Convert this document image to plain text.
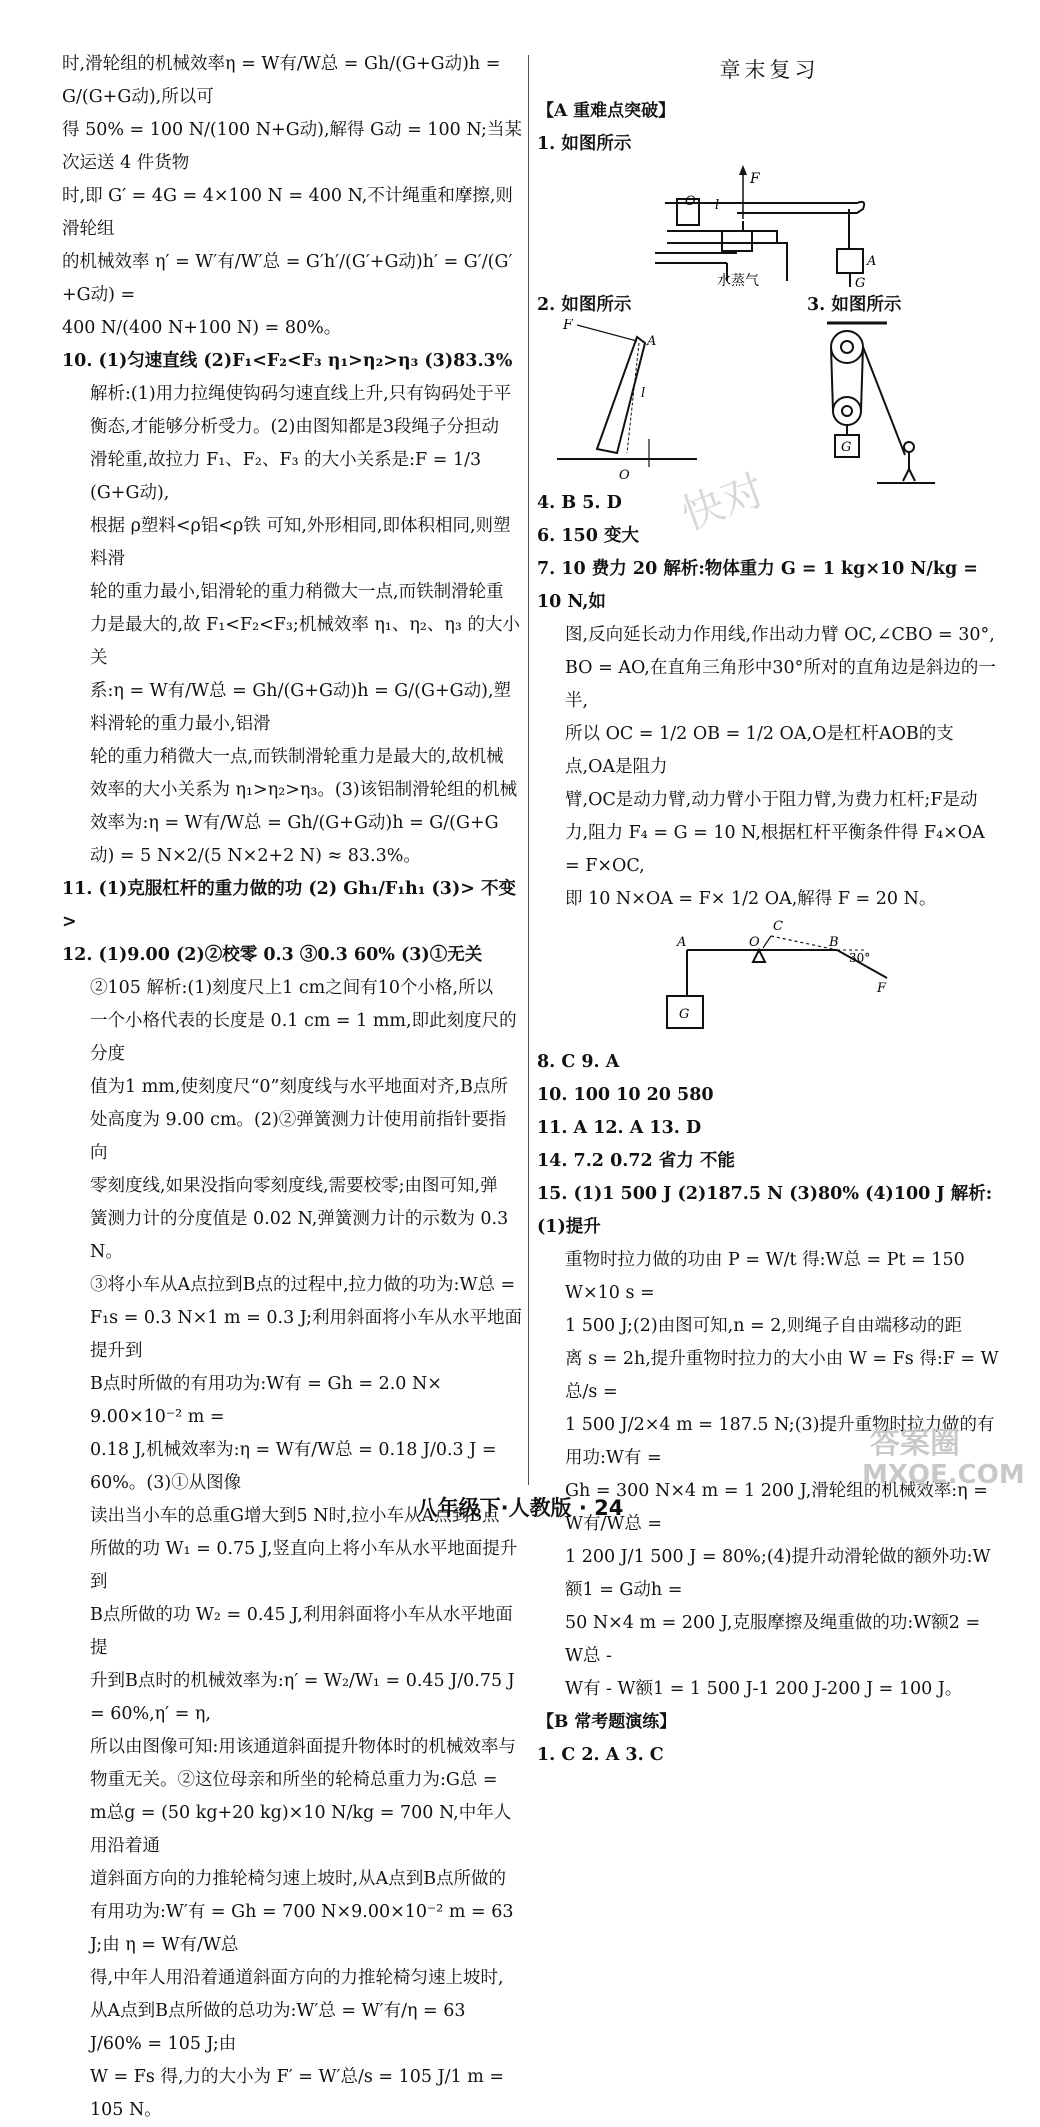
时,滑轮组的机械效率η = W有/W总 = Gh/(G+G动)h = G/(G+G动),所以可

得 50% = 100 N/(100 N+G动),解得 G动 = 100 N;当某次运送 4 件货物

时,即 G′ = 4G = 4×100 N = 400 N,不计绳重和摩擦,则滑轮组

的机械效率 η′ = W′有/W′总 = G′h′/(G′+G动)h′ = G′/(G′+G动) =

400 N/(400 N+100 N) = 80%。

10. (1)匀速直线 (2)F₁<F₂<F₃ η₁>η₂>η₃ (3)83.3%

解析:(1)用力拉绳使钩码匀速直线上升,只有钩码处于平

衡态,才能够分析受力。(2)由图知都是3段绳子分担动

滑轮重,故拉力 F₁、F₂、F₃ 的大小关系是:F = 1/3 (G+G动),

根据 ρ塑料<ρ铝<ρ铁 可知,外形相同,即体积相同,则塑料滑

轮的重力最小,铝滑轮的重力稍微大一点,而铁制滑轮重

力是最大的,故 F₁<F₂<F₃;机械效率 η₁、η₂、η₃ 的大小关

系:η = W有/W总 = Gh/(G+G动)h = G/(G+G动),塑料滑轮的重力最小,铝滑

轮的重力稍微大一点,而铁制滑轮重力是最大的,故机械

效率的大小关系为 η₁>η₂>η₃。(3)该铝制滑轮组的机械

效率为:η = W有/W总 = Gh/(G+G动)h = G/(G+G动) = 5 N×2/(5 N×2+2 N) ≈ 83.3%。

11. (1)克服杠杆的重力做的功 (2) Gh₁/F₁h₁ (3)> 不变 >

12. (1)9.00 (2)②校零 0.3 ③0.3 60% (3)①无关

②105 解析:(1)刻度尺上1 cm之间有10个小格,所以

一个小格代表的长度是 0.1 cm = 1 mm,即此刻度尺的分度

值为1 mm,使刻度尺“0”刻度线与水平地面对齐,B点所

处高度为 9.00 cm。(2)②弹簧测力计使用前指针要指向

零刻度线,如果没指向零刻度线,需要校零;由图可知,弹

簧测力计的分度值是 0.02 N,弹簧测力计的示数为 0.3 N。

③将小车从A点拉到B点的过程中,拉力做的功为:W总 =

F₁s = 0.3 N×1 m = 0.3 J;利用斜面将小车从水平地面提升到

B点时所做的有用功为:W有 = Gh = 2.0 N× 9.00×10⁻² m =

0.18 J,机械效率为:η = W有/W总 = 0.18 J/0.3 J = 60%。(3)①从图像

读出当小车的总重G增大到5 N时,拉小车从A点到B点

所做的功 W₁ = 0.75 J,竖直向上将小车从水平地面提升到

B点所做的功 W₂ = 0.45 J,利用斜面将小车从水平地面提

升到B点时的机械效率为:η′ = W₂/W₁ = 0.45 J/0.75 J = 60%,η′ = η,

所以由图像可知:用该通道斜面提升物体时的机械效率与

物重无关。②这位母亲和所坐的轮椅总重力为:G总 =

m总g = (50 kg+20 kg)×10 N/kg = 700 N,中年人用沿着通

道斜面方向的力推轮椅匀速上坡时,从A点到B点所做的

有用功为:W′有 = Gh = 700 N×9.00×10⁻² m = 63 J;由 η = W有/W总

得,中年人用沿着通道斜面方向的力推轮椅匀速上坡时,

从A点到B点所做的总功为:W′总 = W′有/η = 63 J/60% = 105 J;由

W = Fs 得,力的大小为 F′ = W′总/s = 105 J/1 m = 105 N。

章末复习

【A 重难点突破】

1. 如图所示

F
O l
A
G
水蒸气
2. 如图所示	3. 如图所示
F
A
l
O
G

4. B 5. D

6. 150 变大

7. 10 费力 20 解析:物体重力 G = 1 kg×10 N/kg = 10 N,如

图,反向延长动力作用线,作出动力臂 OC,∠CBO = 30°,

BO = AO,在直角三角形中30°所对的直角边是斜边的一半,

所以 OC = 1/2 OB = 1/2 OA,O是杠杆AOB的支点,OA是阻力

臂,OC是动力臂,动力臂小于阻力臂,为费力杠杆;F是动

力,阻力 F₄ = G = 10 N,根据杠杆平衡条件得 F₄×OA = F×OC,

即 10 N×OA = F× 1/2 OA,解得 F = 20 N。

A	O
C
B
30°
F
G

8. C 9. A

10. 100 10 20 580

11. A 12. A 13. D

14. 7.2 0.72 省力 不能

15. (1)1 500 J (2)187.5 N (3)80% (4)100 J 解析:(1)提升

重物时拉力做的功由 P = W/t 得:W总 = Pt = 150 W×10 s =

1 500 J;(2)由图可知,n = 2,则绳子自由端移动的距

离 s = 2h,提升重物时拉力的大小由 W = Fs 得:F = W总/s =

1 500 J/2×4 m = 187.5 N;(3)提升重物时拉力做的有用功:W有 =

Gh = 300 N×4 m = 1 200 J,滑轮组的机械效率:η = W有/W总 =

1 200 J/1 500 J = 80%;(4)提升动滑轮做的额外功:W额1 = G动h =

50 N×4 m = 200 J,克服摩擦及绳重做的功:W额2 = W总 -

W有 - W额1 = 1 500 J-1 200 J-200 J = 100 J。

【B 常考题演练】

1. C 2. A 3. C

八年级下·人教版 · 24
快对
答案圈
MXQE.COM
